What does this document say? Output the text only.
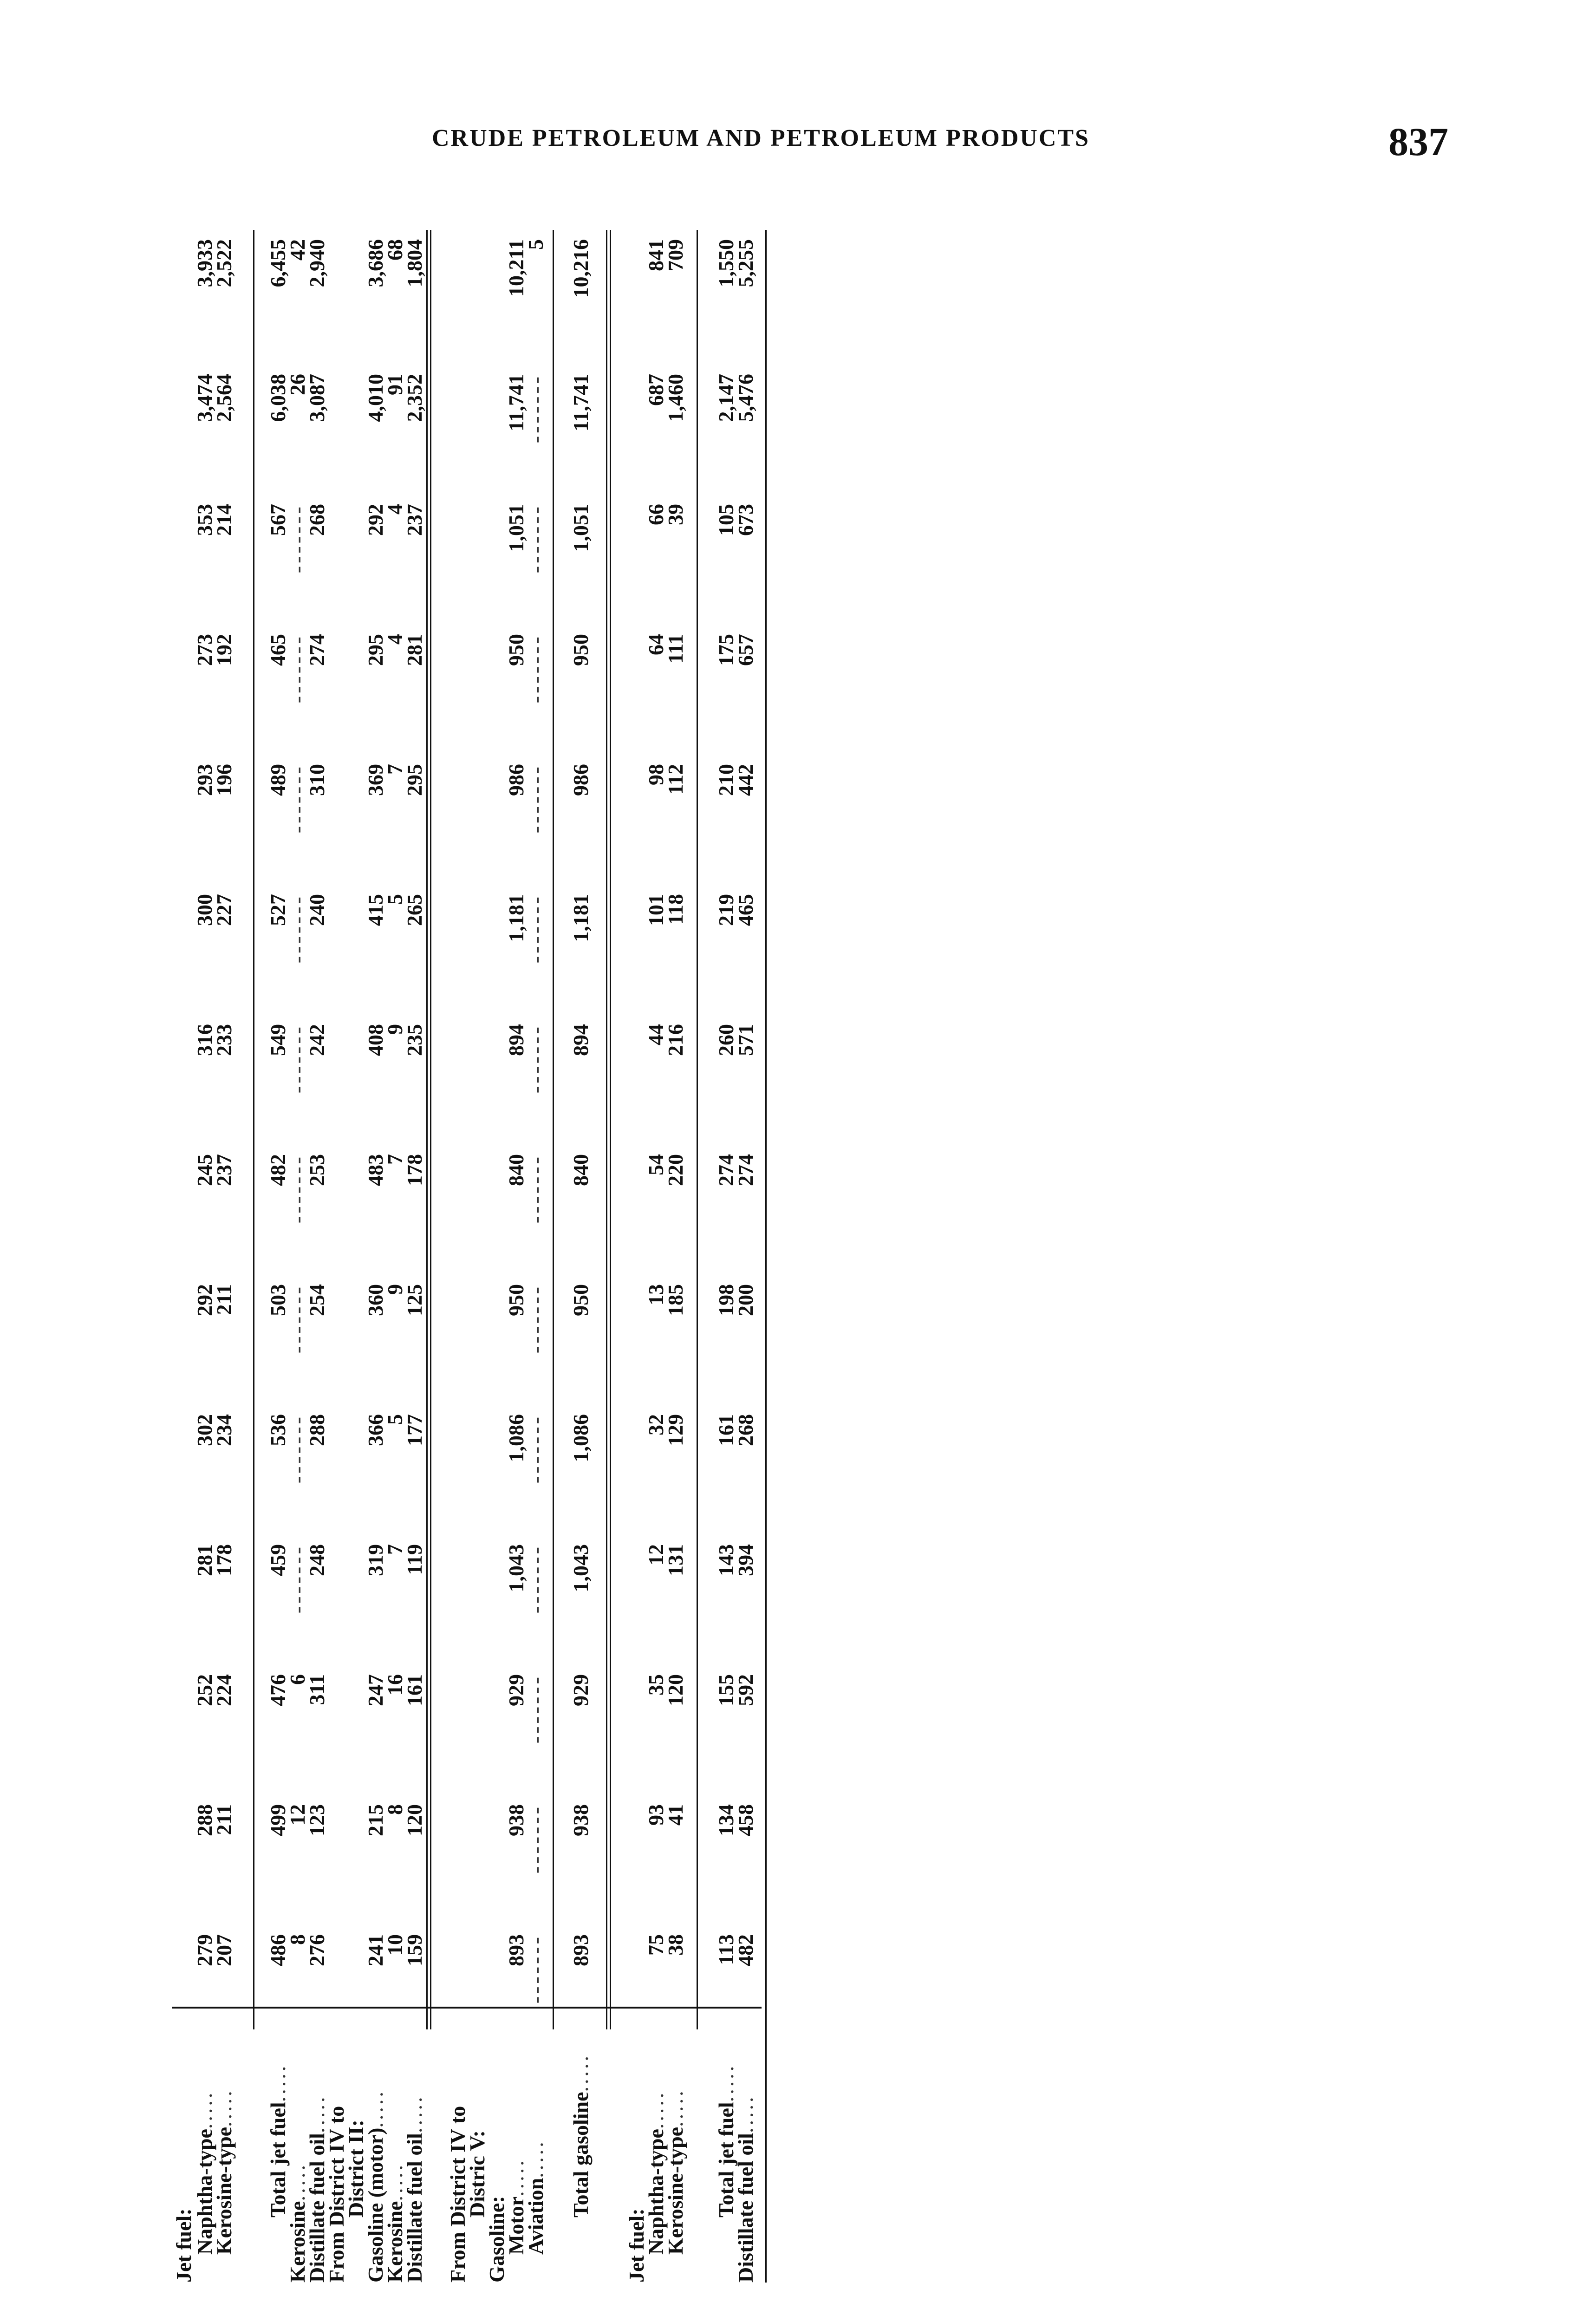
CRUDE PETROLEUM AND PETROLEUM PRODUCTS	837
Jet fuel:
Naphtha-type.....
279
288
252
281
302
292
245
316
300
293
273
353
3,474
3,933
Kerosine-type.....
207
211
224
178
234
211
237
233
227
196
192
214
2,564
2,522
Total jet fuel.....
486
499
476
459
536
503
482
549
527
489
465
567
6,038
6,455
Kerosine.....
8
12
6
-------
-------
-------
-------
-------
-------
-------
-------
-------
26
42
Distillate fuel oil.....
276
123
311
248
288
254
253
242
240
310
274
268
3,087
2,940
From District IV to
District II:
Gasoline (motor).....
241
215
247
319
366
360
483
408
415
369
295
292
4,010
3,686
Kerosine.....
10
8
16
7
5
9
7
9
5
7
4
4
91
68
Distillate fuel oil.....
159
120
161
119
177
125
178
235
265
295
281
237
2,352
1,804
From District IV to
Distric V:
Gasoline:
Motor.....
893
938
929
1,043
1,086
950
840
894
1,181
986
950
1,051
11,741
10,211
Aviation.....
-------
-------
-------
-------
-------
-------
-------
-------
-------
-------
-------
-------
-------
5
Total gasoline.....
893
938
929
1,043
1,086
950
840
894
1,181
986
950
1,051
11,741
10,216
Jet fuel:
Naphtha-type.....
75
93
35
12
32
13
54
44
101
98
64
66
687
841
Kerosine-type.....
38
41
120
131
129
185
220
216
118
112
111
39
1,460
709
Total jet fuel.....
113
134
155
143
161
198
274
260
219
210
175
105
2,147
1,550
Distillate fuel oil.....
482
458
592
394
268
200
274
571
465
442
657
673
5,476
5,255
